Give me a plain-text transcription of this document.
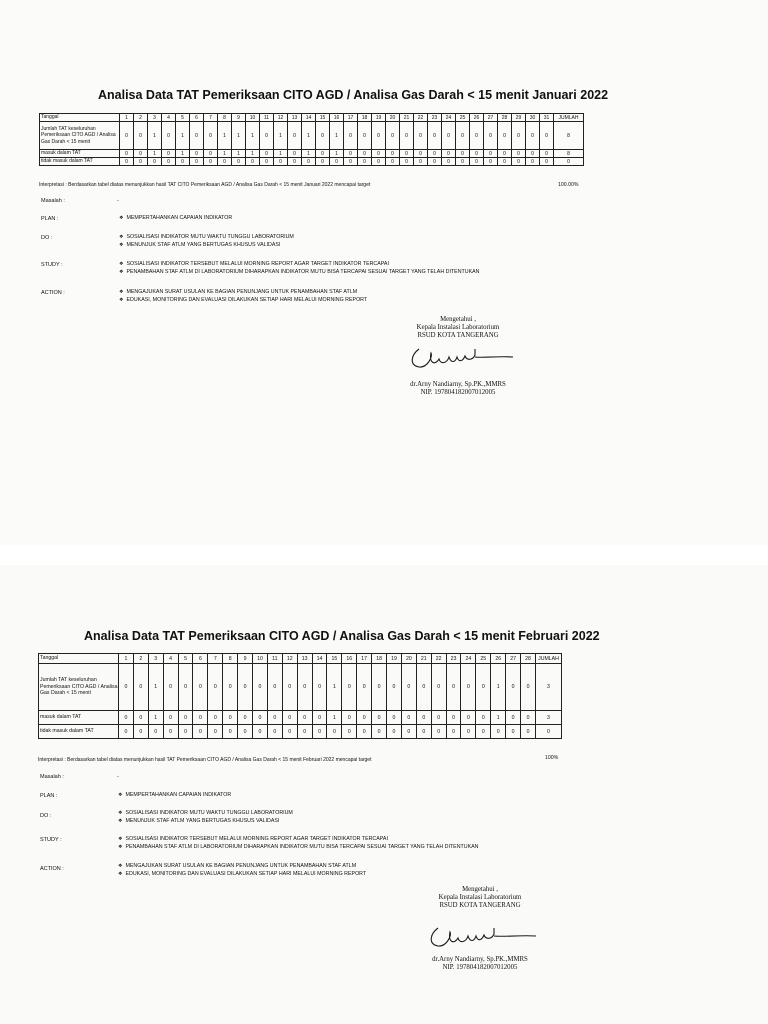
Analisa Data TAT Pemeriksaan CITO AGD / Analisa Gas Darah < 15 menit Januari 2022
Tanggal	1	2	3	4	5	6	7	8	9	10	11	12	13	14	15	16	17	18	19	20	21	22	23	24	25	26	27	28	29	30	31	JUMLAH
Jumlah TAT keseluruhan Pemeriksaan CITO AGD / Analisa Gas Darah < 15 menit	0	0	1	0	1	0	0	1	1	1	0	1	0	1	0	1	0	0	0	0	0	0	0	0	0	0	0	0	0	0	0	8
masuk dalam TAT	0	0	1	0	1	0	0	1	1	1	0	1	0	1	0	1	0	0	0	0	0	0	0	0	0	0	0	0	0	0	0	8
tidak masuk dalam TAT	0	0	0	0	0	0	0	0	0	0	0	0	0	0	0	0	0	0	0	0	0	0	0	0	0	0	0	0	0	0	0	0
Interpretasi : Berdasarkan tabel diatas menunjukkan hasil TAT CITO Pemeriksaan AGD / Analisa Gas Darah < 15 menit Januari 2022 mencapai target	100.00%
Masalah :	-
PLAN :	❖ MEMPERTAHANKAN CAPAIAN INDIKATOR
DO :	❖ SOSIALISASI INDIKATOR MUTU WAKTU TUNGGU LABORATORIUM
❖ MENUNJUK STAF ATLM YANG BERTUGAS KHUSUS VALIDASI
STUDY :	❖ SOSIALISASI INDIKATOR TERSEBUT MELALUI MORNING REPORT AGAR TARGET INDIKATOR TERCAPAI
❖ PENAMBAHAN STAF ATLM DI LABORATORIUM DIHARAPKAN INDIKATOR MUTU BISA TERCAPAI SESUAI TARGET YANG TELAH DITENTUKAN
ACTION :	❖ MENGAJUKAN SURAT USULAN KE BAGIAN PENUNJANG UNTUK PENAMBAHAN STAF ATLM
❖ EDUKASI, MONITORING DAN EVALUASI DILAKUKAN SETIAP HARI MELALUI MORNING REPORT
Mengetahui ,
Kepala Instalasi Laboratorium
RSUD KOTA TANGERANG
dr.Arny Nandiarny, Sp.PK.,MMRS
NIP. 197804182007012005
Analisa Data TAT Pemeriksaan CITO AGD / Analisa Gas Darah < 15 menit Februari 2022
Tanggal	1	2	3	4	5	6	7	8	9	10	11	12	13	14	15	16	17	18	19	20	21	22	23	24	25	26	27	28	JUMLAH
Jumlah TAT keseluruhan Pemeriksaan CITO AGD / Analisa Gas Darah < 15 menit	0	0	1	0	0	0	0	0	0	0	0	0	0	0	1	0	0	0	0	0	0	0	0	0	0	1	0	0	3
masuk dalam TAT	0	0	1	0	0	0	0	0	0	0	0	0	0	0	1	0	0	0	0	0	0	0	0	0	0	1	0	0	3
tidak masuk dalam TAT	0	0	0	0	0	0	0	0	0	0	0	0	0	0	0	0	0	0	0	0	0	0	0	0	0	0	0	0	0
Interpretasi : Berdasarkan tabel diatas menunjukkan hasil TAT Pemeriksaan CITO AGD / Analisa Gas Darah < 15 menit Februari 2022 mencapai target	100%
Masalah :	-
PLAN :	❖ MEMPERTAHANKAN CAPAIAN INDIKATOR
DO :	❖ SOSIALISASI INDIKATOR MUTU WAKTU TUNGGU LABORATORIUM
❖ MENUNJUK STAF ATLM YANG BERTUGAS KHUSUS VALIDASI
STUDY :	❖ SOSIALISASI INDIKATOR TERSEBUT MELALUI MORNING REPORT AGAR TARGET INDIKATOR TERCAPAI
❖ PENAMBAHAN STAF ATLM DI LABORATORIUM DIHARAPKAN INDIKATOR MUTU BISA TERCAPAI SESUAI TARGET YANG TELAH DITENTUKAN
ACTION :	❖ MENGAJUKAN SURAT USULAN KE BAGIAN PENUNJANG UNTUK PENAMBAHAN STAF ATLM
❖ EDUKASI, MONITORING DAN EVALUASI DILAKUKAN SETIAP HARI MELALUI MORNING REPORT
Mengetahui ,
Kepala Instalasi Laboratorium
RSUD KOTA TANGERANG
dr.Arny Nandiarny, Sp.PK.,MMRS
NIP. 197804182007012005
